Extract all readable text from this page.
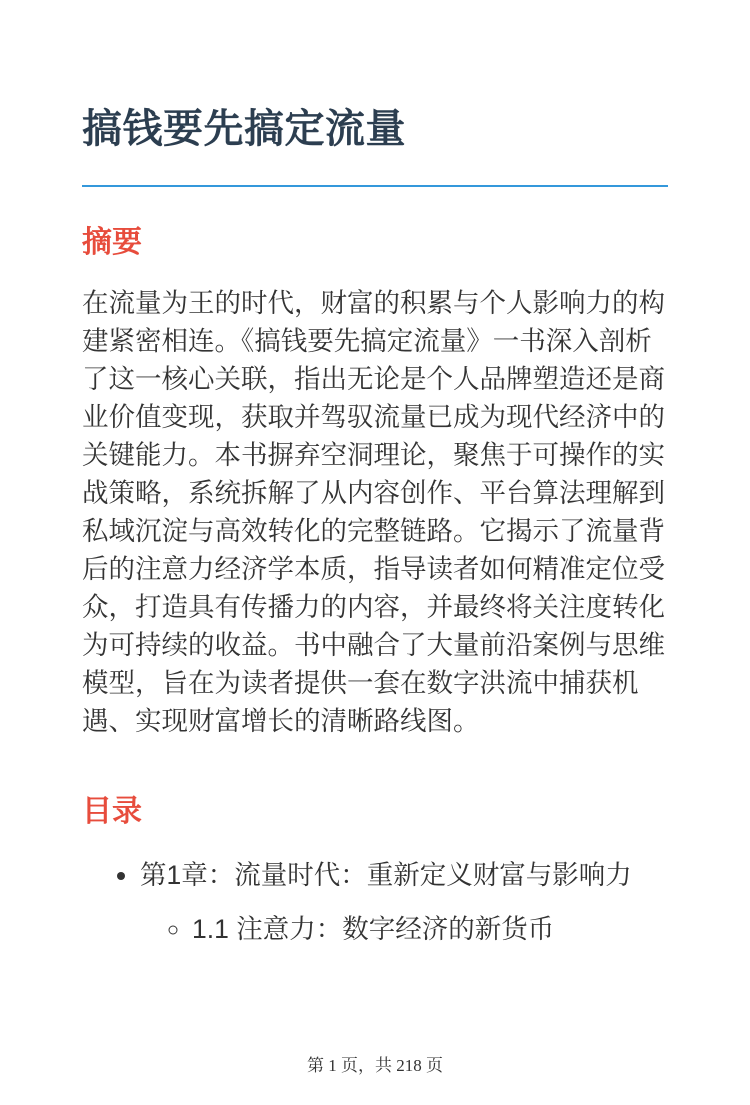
搞钱要先搞定流量
摘要

在流量为王的时代，财富的积累与个人影响力的构建紧密相连。《搞钱要先搞定流量》一书深入剖析了这一核心关联，指出无论是个人品牌塑造还是商业价值变现，获取并驾驭流量已成为现代经济中的关键能力。本书摒弃空洞理论，聚焦于可操作的实战策略，系统拆解了从内容创作、平台算法理解到私域沉淀与高效转化的完整链路。它揭示了流量背后的注意力经济学本质，指导读者如何精准定位受众，打造具有传播力的内容，并最终将关注度转化为可持续的收益。书中融合了大量前沿案例与思维模型，旨在为读者提供一套在数字洪流中捕获机遇、实现财富增长的清晰路线图。

目录
• 第1章：流量时代：重新定义财富与影响力
◦ 1.1 注意力：数字经济的新货币
第 1 页，共 218 页
